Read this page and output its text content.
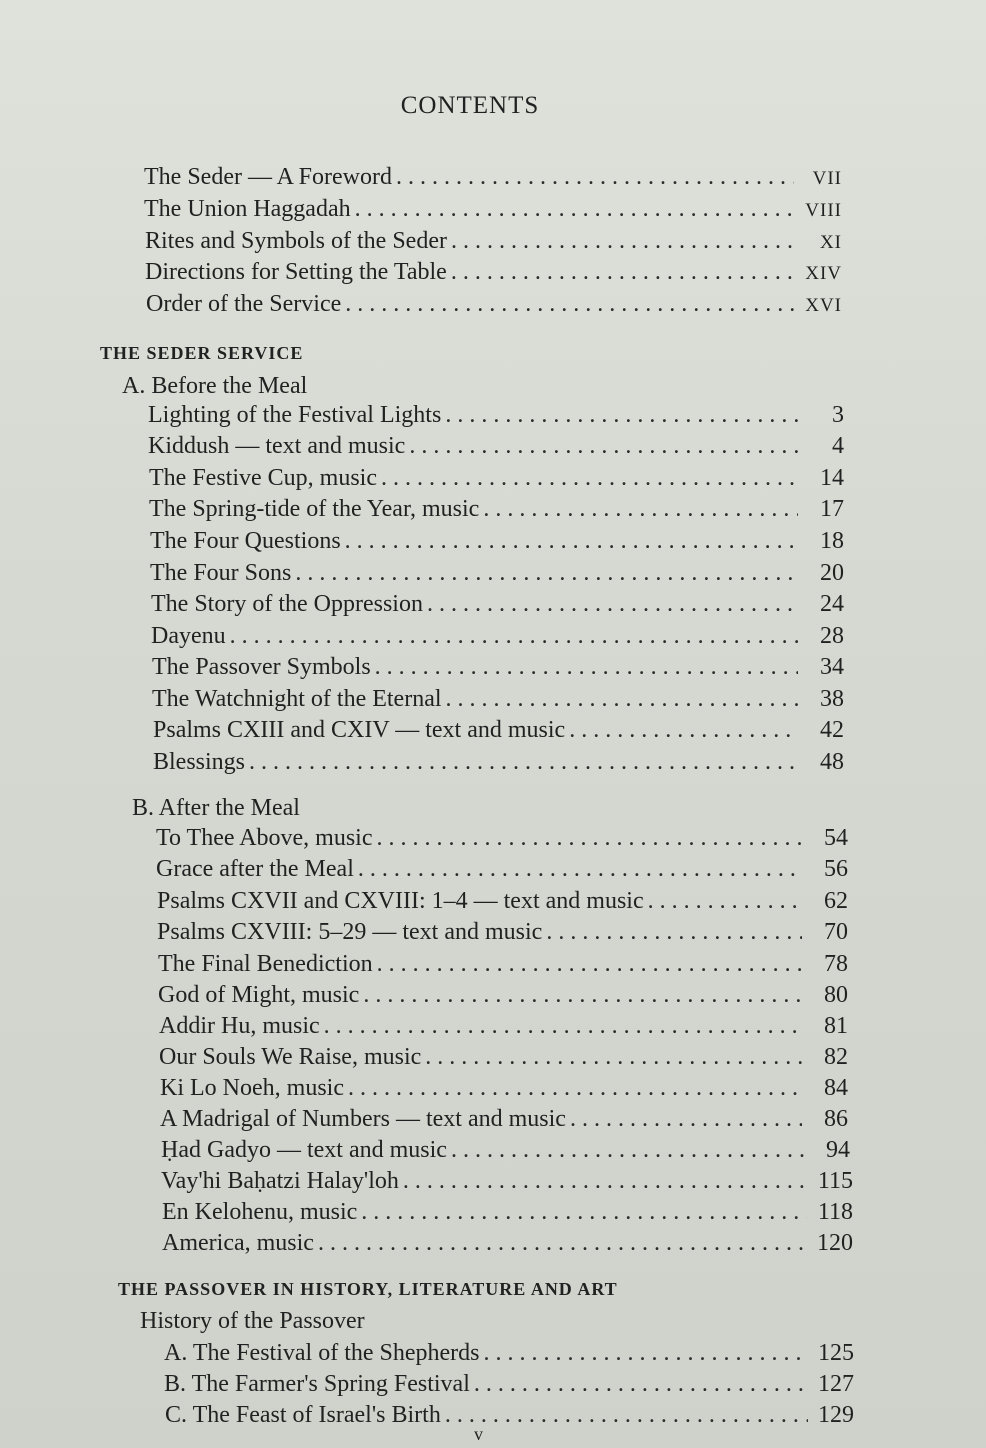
CONTENTS
The Seder — A Foreword . . .	VII
The Union Haggadah . . .	VIII
Rites and Symbols of the Seder . . .	XI
Directions for Setting the Table . . .	XIV
Order of the Service . . .	XVI
THE SEDER SERVICE
A. Before the Meal
Lighting of the Festival Lights . . .	3
Kiddush — text and music . . .	4
The Festive Cup, music . . .	14
The Spring-tide of the Year, music . . .	17
The Four Questions . . .	18
The Four Sons . . .	20
The Story of the Oppression . . .	24
Dayenu . . .	28
The Passover Symbols . . .	34
The Watchnight of the Eternal . . .	38
Psalms CXIII and CXIV — text and music . . .	42
Blessings . . .	48
B. After the Meal
To Thee Above, music . . .	54
Grace after the Meal . . .	56
Psalms CXVII and CXVIII: 1–4 — text and music . . .	62
Psalms CXVIII: 5–29 — text and music . . .	70
The Final Benediction . . .	78
God of Might, music . . .	80
Addir Hu, music . . .	81
Our Souls We Raise, music . . .	82
Ki Lo Noeh, music . . .	84
A Madrigal of Numbers — text and music . . .	86
Ḥad Gadyo — text and music . . .	94
Vay'hi Baḥatzi Halay'loh . . .	115
En Kelohenu, music . . .	118
America, music . . .	120
THE PASSOVER IN HISTORY, LITERATURE AND ART
History of the Passover
A. The Festival of the Shepherds . . .	125
B. The Farmer's Spring Festival . . .	127
C. The Feast of Israel's Birth . . .	129
v
